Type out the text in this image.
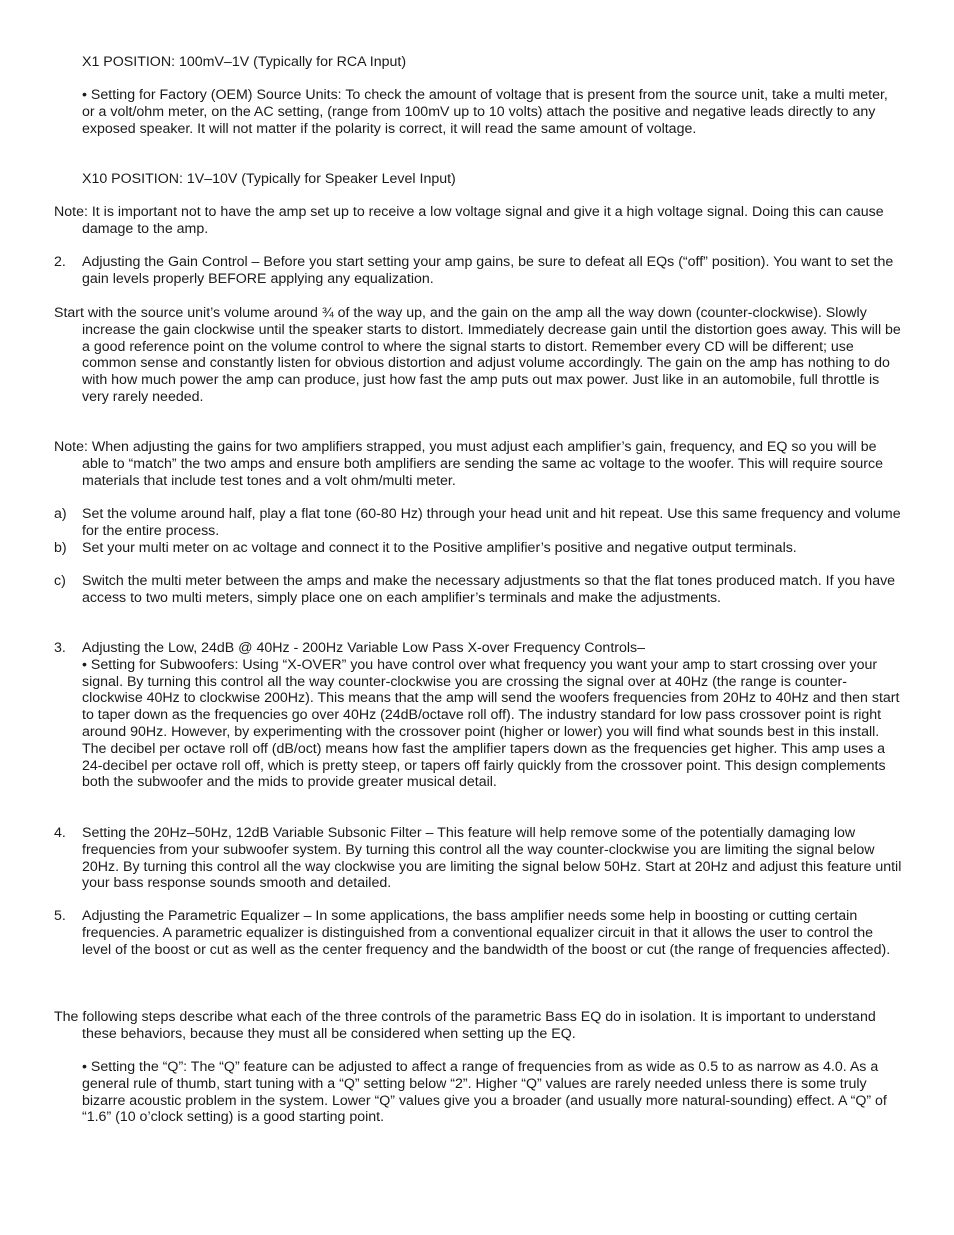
X1 POSITION: 100mV–1V (Typically for RCA Input)

• Setting for Factory (OEM) Source Units: To check the amount of voltage that is present from the source unit, take a multi meter, or a volt/ohm meter, on the AC setting, (range from 100mV up to 10 volts) attach the positive and negative leads directly to any exposed speaker. It will not matter if the polarity is correct, it will read the same amount of voltage.

X10 POSITION: 1V–10V (Typically for Speaker Level Input)

Note: It is important not to have the amp set up to receive a low voltage signal and give it a high voltage signal. Doing this can cause damage to the amp.

2.	Adjusting the Gain Control – Before you start setting your amp gains, be sure to defeat all EQs (“off” position). You want to set the gain levels properly BEFORE applying any equalization.

Start with the source unit’s volume around ¾ of the way up, and the gain on the amp all the way down (counter-clockwise). Slowly increase the gain clockwise until the speaker starts to distort. Immediately decrease gain until the distortion goes away. This will be a good reference point on the volume control to where the signal starts to distort. Remember every CD will be different; use common sense and constantly listen for obvious distortion and adjust volume accordingly. The gain on the amp has nothing to do with how much power the amp can produce, just how fast the amp puts out max power. Just like in an automobile, full throttle is very rarely needed.

Note: When adjusting the gains for two amplifiers strapped, you must adjust each amplifier’s gain, frequency, and EQ so you will be able to “match” the two amps and ensure both amplifiers are sending the same ac voltage to the woofer. This will require source materials that include test tones and a volt ohm/multi meter.

a)	Set the volume around half, play a flat tone (60-80 Hz) through your head unit and hit repeat. Use this same frequency and volume for the entire process.

b)	Set your multi meter on ac voltage and connect it to the Positive amplifier’s positive and negative output terminals.

c)	Switch the multi meter between the amps and make the necessary adjustments so that the flat tones produced match. If you have access to two multi meters, simply place one on each amplifier’s terminals and make the adjustments.

3.	Adjusting the Low, 24dB @ 40Hz - 200Hz Variable Low Pass X-over Frequency Controls–

• Setting for Subwoofers: Using “X-OVER” you have control over what frequency you want your amp to start crossing over your signal. By turning this control all the way counter-clockwise you are crossing the signal over at 40Hz (the range is counter-clockwise 40Hz to clockwise 200Hz). This means that the amp will send the woofers frequencies from 20Hz to 40Hz and then start to taper down as the frequencies go over 40Hz (24dB/octave roll off). The industry standard for low pass crossover point is right around 90Hz. However, by experimenting with the crossover point (higher or lower) you will find what sounds best in this install. The decibel per octave roll off (dB/oct) means how fast the amplifier tapers down as the frequencies get higher. This amp uses a 24-decibel per octave roll off, which is pretty steep, or tapers off fairly quickly from the crossover point. This design complements both the subwoofer and the mids to provide greater musical detail.

4.	Setting the 20Hz–50Hz, 12dB Variable Subsonic Filter – This feature will help remove some of the potentially damaging low frequencies from your subwoofer system. By turning this control all the way counter-clockwise you are limiting the signal below 20Hz. By turning this control all the way clockwise you are limiting the signal below 50Hz. Start at 20Hz and adjust this feature until your bass response sounds smooth and detailed.

5.	Adjusting the Parametric Equalizer – In some applications, the bass amplifier needs some help in boosting or cutting certain frequencies. A parametric equalizer is distinguished from a conventional equalizer circuit in that it allows the user to control the level of the boost or cut as well as the center frequency and the bandwidth of the boost or cut (the range of frequencies affected).

The following steps describe what each of the three controls of the parametric Bass EQ do in isolation. It is important to understand these behaviors, because they must all be considered when setting up the EQ.

• Setting the “Q”: The “Q” feature can be adjusted to affect a range of frequencies from as wide as 0.5 to as narrow as 4.0. As a general rule of thumb, start tuning with a “Q” setting below “2”. Higher “Q” values are rarely needed unless there is some truly bizarre acoustic problem in the system. Lower “Q” values give you a broader (and usually more natural-sounding) effect. A “Q” of “1.6” (10 o’clock setting) is a good starting point.
